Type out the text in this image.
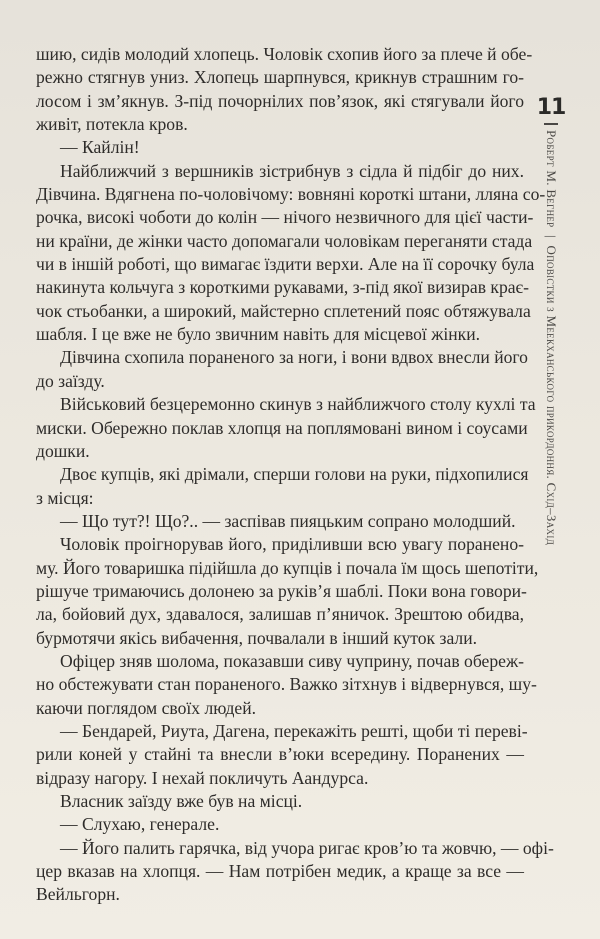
шию, сидів молодий хлопець. Чоловік схопив його за плече й обе-
режно стягнув униз. Хлопець шарпнувся, крикнув страшним го-
лосом і зм’якнув. З-під почорнілих пов’язок, які стягували його
живіт, потекла кров.
— Кайлін!
Найближчий з вершників зістрибнув з сідла й підбіг до них.
Дівчина. Вдягнена по-чоловічому: вовняні короткі штани, лляна со-
рочка, високі чоботи до колін — нічого незвичного для цієї части-
ни країни, де жінки часто допомагали чоловікам переганяти стада
чи в іншій роботі, що вимагає їздити верхи. Але на її сорочку була
накинута кольчуга з короткими рукавами, з-під якої визирав крає-
чок стьобанки, а широкий, майстерно сплетений пояс обтяжувала
шабля. І це вже не було звичним навіть для місцевої жінки.
Дівчина схопила пораненого за ноги, і вони вдвох внесли його
до заїзду.
Військовий безцеремонно скинув з найближчого столу кухлі та
миски. Обережно поклав хлопця на поплямовані вином і соусами
дошки.
Двоє купців, які дрімали, сперши голови на руки, підхопилися
з місця:
— Що тут?! Що?.. — заспівав пияцьким сопрано молодший.
Чоловік проігнорував його, приділивши всю увагу поранено-
му. Його товаришка підійшла до купців і почала їм щось шепотіти,
рішуче тримаючись долонею за руків’я шаблі. Поки вона говори-
ла, бойовий дух, здавалося, залишав п’яничок. Зрештою обидва,
бурмотячи якісь вибачення, почвалали в інший куток зали.
Офіцер зняв шолома, показавши сиву чуприну, почав обереж-
но обстежувати стан пораненого. Важко зітхнув і відвернувся, шу-
каючи поглядом своїх людей.
— Бендарей, Риута, Дагена, перекажіть решті, щоби ті переві-
рили коней у стайні та внесли в’юки всередину. Поранених —
відразу нагору. І нехай покличуть Аандурса.
Власник заїзду вже був на місці.
— Слухаю, генерале.
— Його палить гарячка, від учора ригає кров’ю та жовчю, — офі-
цер вказав на хлопця. — Нам потрібен медик, а краще за все —
Вейльгорн.
11
Роберт М. Вегнер | Оповістки з Меекханського прикордоння. Схід–Захід
